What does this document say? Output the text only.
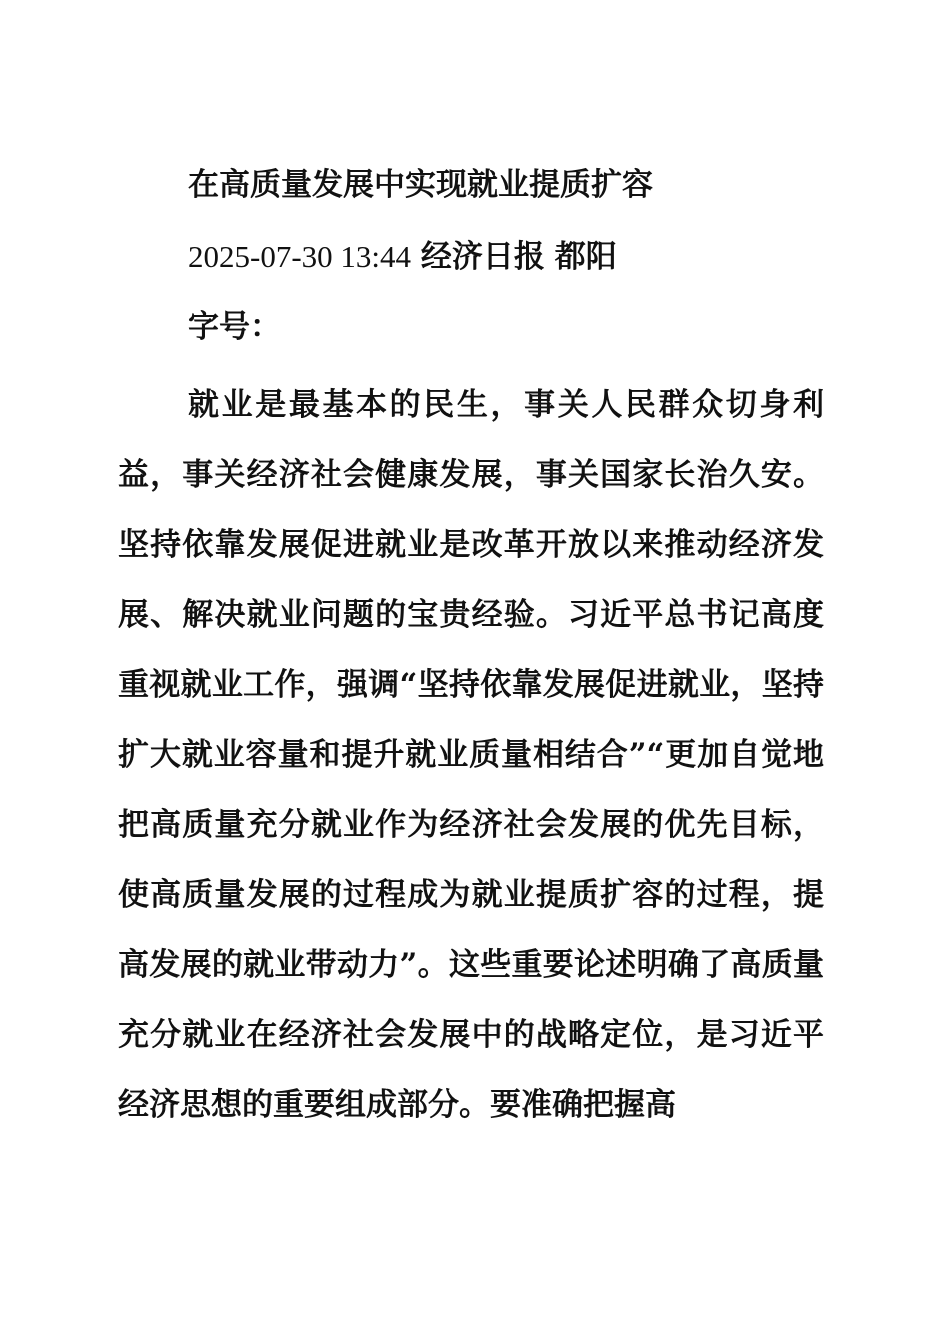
在高质量发展中实现就业提质扩容
2025-07-30 13:44 经济日报 都阳
字号：

就业是最基本的民生，事关人民群众切身利益，事关经济社会健康发展，事关国家长治久安。坚持依靠发展促进就业是改革开放以来推动经济发展、解决就业问题的宝贵经验。习近平总书记高度重视就业工作，强调“坚持依靠发展促进就业，坚持扩大就业容量和提升就业质量相结合”“更加自觉地把高质量充分就业作为经济社会发展的优先目标，使高质量发展的过程成为就业提质扩容的过程，提高发展的就业带动力”。这些重要论述明确了高质量充分就业在经济社会发展中的战略定位，是习近平经济思想的重要组成部分。要准确把握高
